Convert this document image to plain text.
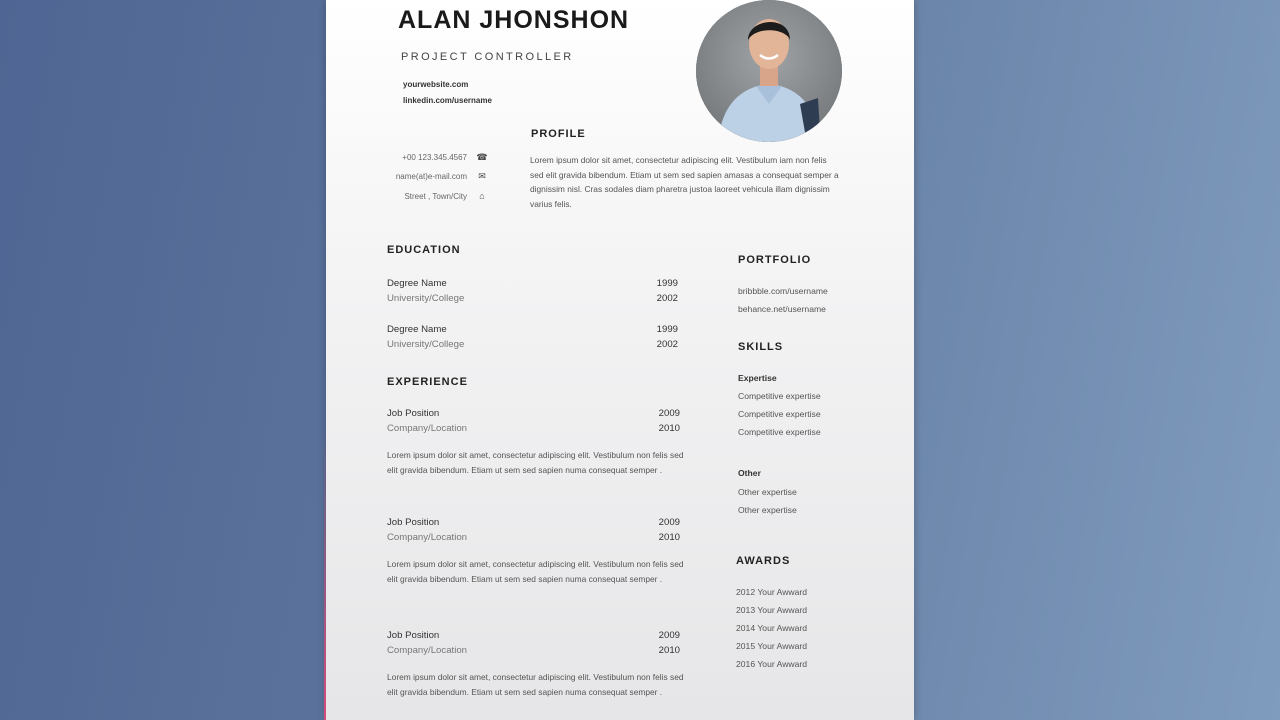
ALAN JHONSHON
PROJECT CONTROLLER
yourwebsite.com
linkedin.com/username
+00 123.345.4567 ☎
name(at)e-mail.com ✉
Street , Town/City	⌂
PROFILE
Lorem ipsum dolor sit amet, consectetur adipiscing elit. Vestibulum iam non felis sed elit gravida bibendum. Etiam ut sem sed sapien amasas a consequat semper a dignissim nisl. Cras sodales diam pharetra justoa laoreet vehicula illam dignissim varius felis.
EDUCATION
Degree Name
University/College
1999
2002
Degree Name
University/College
1999
2002
EXPERIENCE
Job Position
Company/Location
2009
2010
Lorem ipsum dolor sit amet, consectetur adipiscing elit. Vestibulum non felis sed elit gravida bibendum. Etiam ut sem sed sapien numa consequat semper .
Job Position
Company/Location
2009
2010
Lorem ipsum dolor sit amet, consectetur adipiscing elit. Vestibulum non felis sed elit gravida bibendum. Etiam ut sem sed sapien numa consequat semper .
Job Position
Company/Location
2009
2010
Lorem ipsum dolor sit amet, consectetur adipiscing elit. Vestibulum non felis sed elit gravida bibendum. Etiam ut sem sed sapien numa consequat semper .
PORTFOLIO
bribbble.com/username
behance.net/username
SKILLS
Expertise
Competitive expertise
Competitive expertise
Competitive expertise
Other
Other expertise
Other expertise
AWARDS
2012 Your Awward
2013 Your Awward
2014 Your Awward
2015 Your Awward
2016 Your Awward
